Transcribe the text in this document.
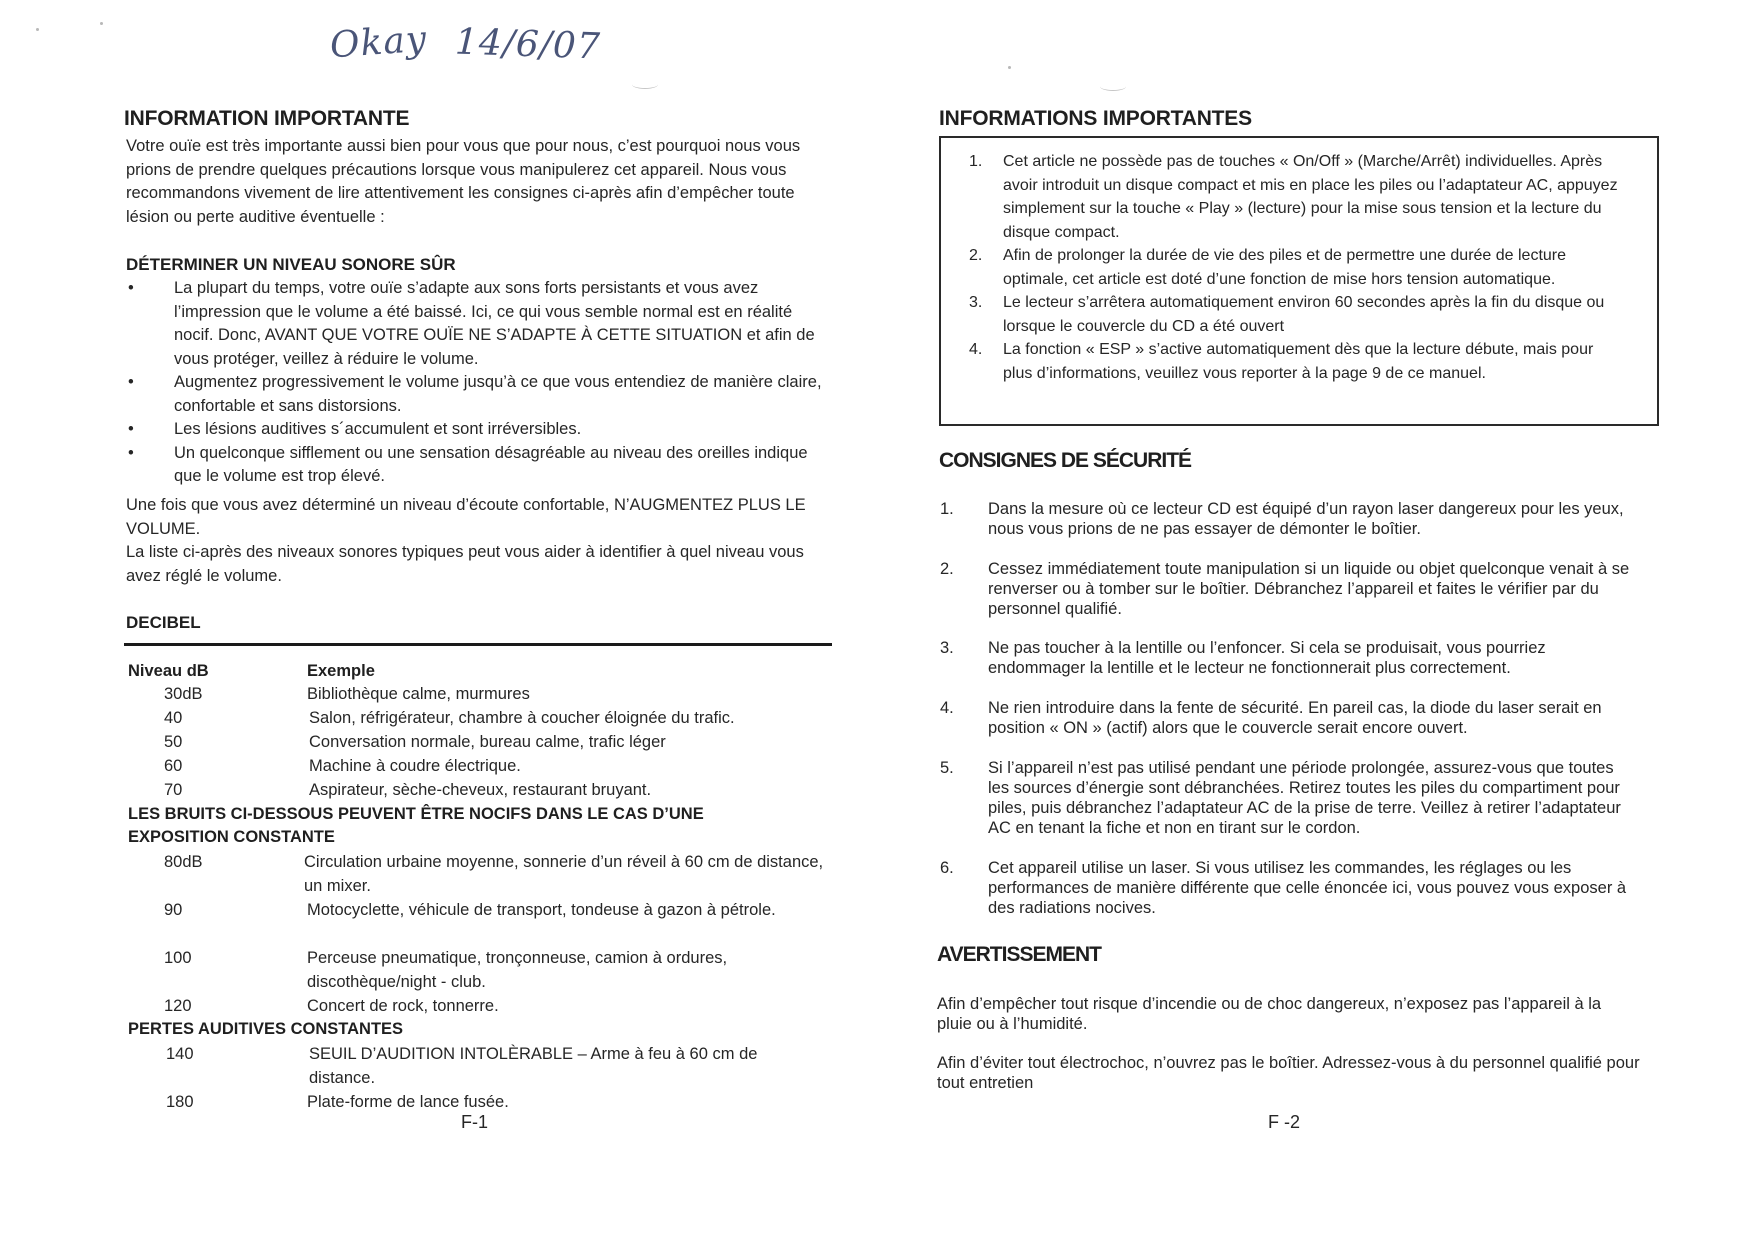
Okay 14/6/07
INFORMATION IMPORTANTE

Votre ouïe est très importante aussi bien pour vous que pour nous, c’est pourquoi nous vous prions de prendre quelques précautions lorsque vous manipulerez cet appareil. Nous vous recommandons vivement de lire attentivement les consignes ci-après afin d’empêcher toute lésion ou perte auditive éventuelle :

DÉTERMINER UN NIVEAU SONORE SÛR
• La plupart du temps, votre ouïe s’adapte aux sons forts persistants et vous avez l’impression que le volume a été baissé. Ici, ce qui vous semble normal est en réalité nocif. Donc, AVANT QUE VOTRE OUÏE NE S’ADAPTE À CETTE SITUATION et afin de vous protéger, veillez à réduire le volume.
• Augmentez progressivement le volume jusqu’à ce que vous entendiez de manière claire, confortable et sans distorsions.
• Les lésions auditives s´accumulent et sont irréversibles.
• Un quelconque sifflement ou une sensation désagréable au niveau des oreilles indique que le volume est trop élevé.

Une fois que vous avez déterminé un niveau d’écoute confortable, N’AUGMENTEZ PLUS LE VOLUME.

La liste ci-après des niveaux sonores typiques peut vous aider à identifier à quel niveau vous avez réglé le volume.

DECIBEL
Niveau dB	Exemple
30dB	Bibliothèque calme, murmures
40	Salon, réfrigérateur, chambre à coucher éloignée du trafic.
50	Conversation normale, bureau calme, trafic léger
60	Machine à coudre électrique.
70	Aspirateur, sèche-cheveux, restaurant bruyant.
LES BRUITS CI-DESSOUS PEUVENT ÊTRE NOCIFS DANS LE CAS D’UNE
EXPOSITION CONSTANTE
80dB	Circulation urbaine moyenne, sonnerie d’un réveil à 60 cm de distance, un mixer.
90	Motocyclette, véhicule de transport, tondeuse à gazon à pétrole.
100	Perceuse pneumatique, tronçonneuse, camion à ordures, discothèque/night - club.
120	Concert de rock, tonnerre.
PERTES AUDITIVES CONSTANTES
140	SEUIL D’AUDITION INTOLÈRABLE – Arme à feu à 60 cm de distance.
180	Plate-forme de lance fusée.
F-1
INFORMATIONS IMPORTANTES
1. Cet article ne possède pas de touches « On/Off » (Marche/Arrêt) individuelles. Après avoir introduit un disque compact et mis en place les piles ou l’adaptateur AC, appuyez simplement sur la touche « Play » (lecture) pour la mise sous tension et la lecture du disque compact.
2. Afin de prolonger la durée de vie des piles et de permettre une durée de lecture optimale, cet article est doté d’une fonction de mise hors tension automatique.
3. Le lecteur s’arrêtera automatiquement environ 60 secondes après la fin du disque ou lorsque le couvercle du CD a été ouvert
4. La fonction « ESP » s’active automatiquement dès que la lecture débute, mais pour plus d’informations, veuillez vous reporter à la page 9 de ce manuel.
CONSIGNES DE SÉCURITÉ
1. Dans la mesure où ce lecteur CD est équipé d’un rayon laser dangereux pour les yeux, nous vous prions de ne pas essayer de démonter le boîtier.
2. Cessez immédiatement toute manipulation si un liquide ou objet quelconque venait à se renverser ou à tomber sur le boîtier. Débranchez l’appareil et faites le vérifier par du personnel qualifié.
3. Ne pas toucher à la lentille ou l’enfoncer. Si cela se produisait, vous pourriez endommager la lentille et le lecteur ne fonctionnerait plus correctement.
4. Ne rien introduire dans la fente de sécurité. En pareil cas, la diode du laser serait en position « ON » (actif) alors que le couvercle serait encore ouvert.
5. Si l’appareil n’est pas utilisé pendant une période prolongée, assurez-vous que toutes les sources d’énergie sont débranchées. Retirez toutes les piles du compartiment pour piles, puis débranchez l’adaptateur AC de la prise de terre. Veillez à retirer l’adaptateur AC en tenant la fiche et non en tirant sur le cordon.
6. Cet appareil utilise un laser. Si vous utilisez les commandes, les réglages ou les performances de manière différente que celle énoncée ici, vous pouvez vous exposer à des radiations nocives.
AVERTISSEMENT

Afin d’empêcher tout risque d’incendie ou de choc dangereux, n’exposez pas l’appareil à la pluie ou à l’humidité.

Afin d’éviter tout électrochoc, n’ouvrez pas le boîtier. Adressez-vous à du personnel qualifié pour tout entretien

F -2
